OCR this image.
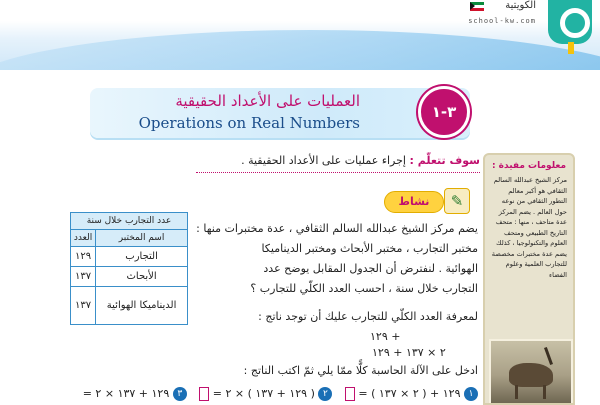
الكويتية
school-kw.com
العمليات على الأعداد الحقيقية
Operations on Real Numbers
٣-١
سوف تتعلّم : إجراء عمليات على الأعداد الحقيقية .	معلومات مفيدة :
مركز الشيخ عبدالله السالم الثقافي هو أكبر معالم التطور الثقافي من نوعه حول العالم . يضم المركز عدة متاحف ، منها : متحف التاريخ الطبيعي ومتحف العلوم والتكنولوجيا ، كذلك يضم عدة مختبرات مخصصة للتجارب العلمية وعلوم الفضاء
نشاط	✎
يضم مركز الشيخ عبدالله السالم الثقافي ، عدة مختبرات منها :
مختبر التجارب ، مختبر الأبحاث ومختبر الديناميكا
الهوائية . لنفترض أن الجدول المقابل يوضح عدد
التجارب خلال سنة ، احسب العدد الكلّي للتجارب ؟
لمعرفة العدد الكلّي للتجارب عليك أن توجد ناتج :
١٢٩ +
٢ × ١٣٧ + ١٢٩
ادخل على الآلة الحاسبة كلًّا ممّا يلي ثمّ اكتب الناتج :
عدد التجارب خلال سنة	
اسم المختبر	العدد
التجارب	١٢٩
الأبحاث	١٣٧
الديناميكا الهوائية	١٣٧
١ ١٢٩ + ( ٢ × ١٣٧ ) =    ٢ ( ١٢٩ + ١٣٧ ) × ٢ =    ٣ ١٢٩ + ١٣٧ × ٢ =
